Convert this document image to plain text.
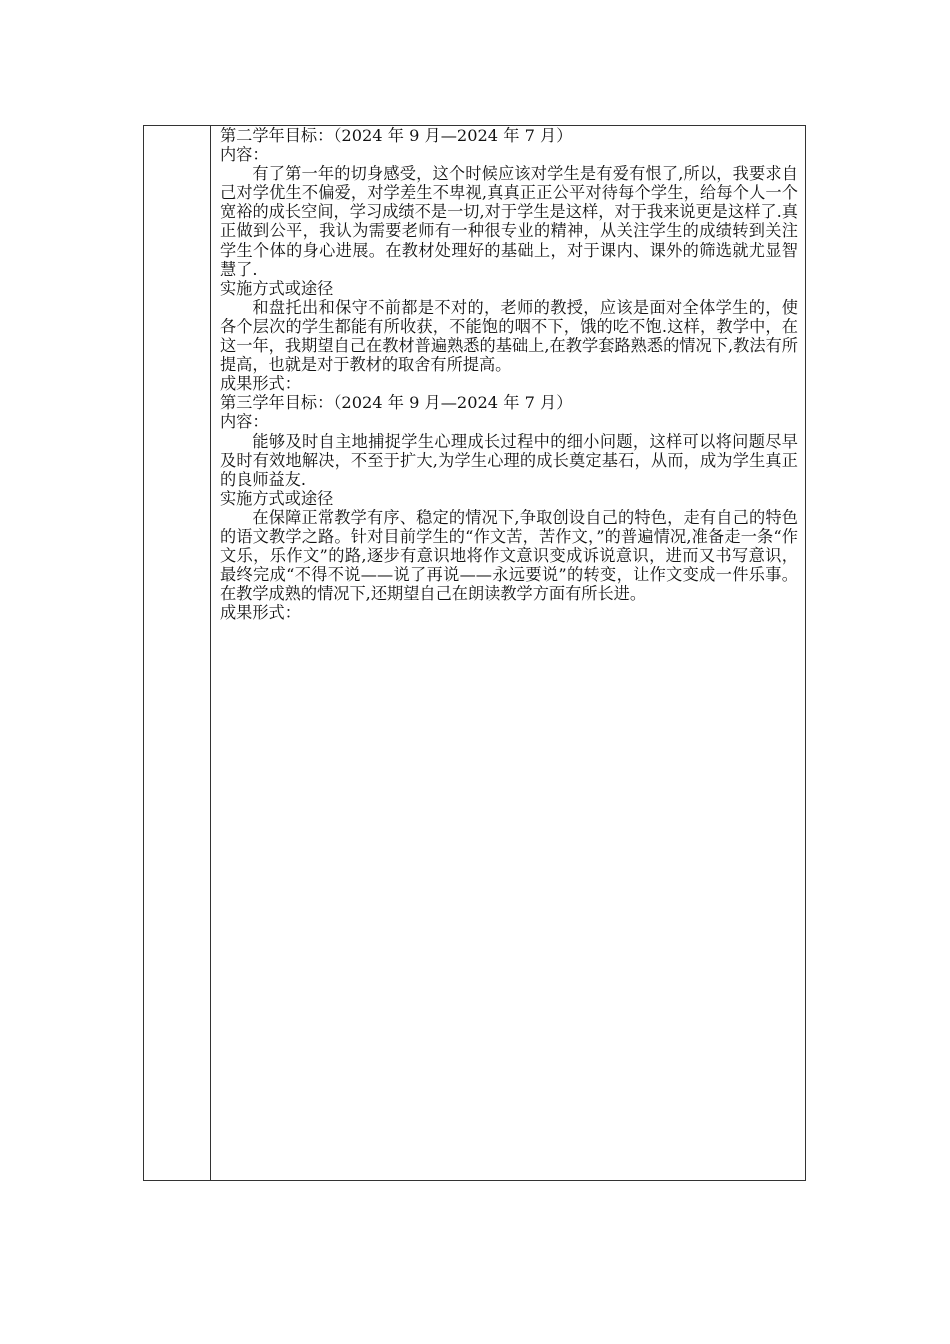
第二学年目标：（2024 年 9 月—2024 年 7 月）
内容：

有了第一年的切身感受，这个时候应该对学生是有爱有恨了,所以，我要求自己对学优生不偏爱，对学差生不卑视,真真正正公平对待每个学生，给每个人一个宽裕的成长空间，学习成绩不是一切,对于学生是这样，对于我来说更是这样了.真正做到公平，我认为需要老师有一种很专业的精神，从关注学生的成绩转到关注学生个体的身心进展。在教材处理好的基础上，对于课内、课外的筛选就尤显智慧了.

实施方式或途径

和盘托出和保守不前都是不对的，老师的教授，应该是面对全体学生的，使各个层次的学生都能有所收获，不能饱的咽不下，饿的吃不饱.这样，教学中，在这一年，我期望自己在教材普遍熟悉的基础上,在教学套路熟悉的情况下,教法有所提高，也就是对于教材的取舍有所提高。

成果形式：
第三学年目标：（2024 年 9 月—2024 年 7 月）
内容：

能够及时自主地捕捉学生心理成长过程中的细小问题，这样可以将问题尽早及时有效地解决，不至于扩大,为学生心理的成长奠定基石，从而，成为学生真正的良师益友.

实施方式或途径

在保障正常教学有序、稳定的情况下,争取创设自己的特色，走有自己的特色的语文教学之路。针对目前学生的“作文苦，苦作文，”的普遍情况,准备走一条“作文乐，乐作文”的路,逐步有意识地将作文意识变成诉说意识，进而又书写意识，最终完成“不得不说——说了再说——永远要说”的转变，让作文变成一件乐事。在教学成熟的情况下,还期望自己在朗读教学方面有所长进。

成果形式：
